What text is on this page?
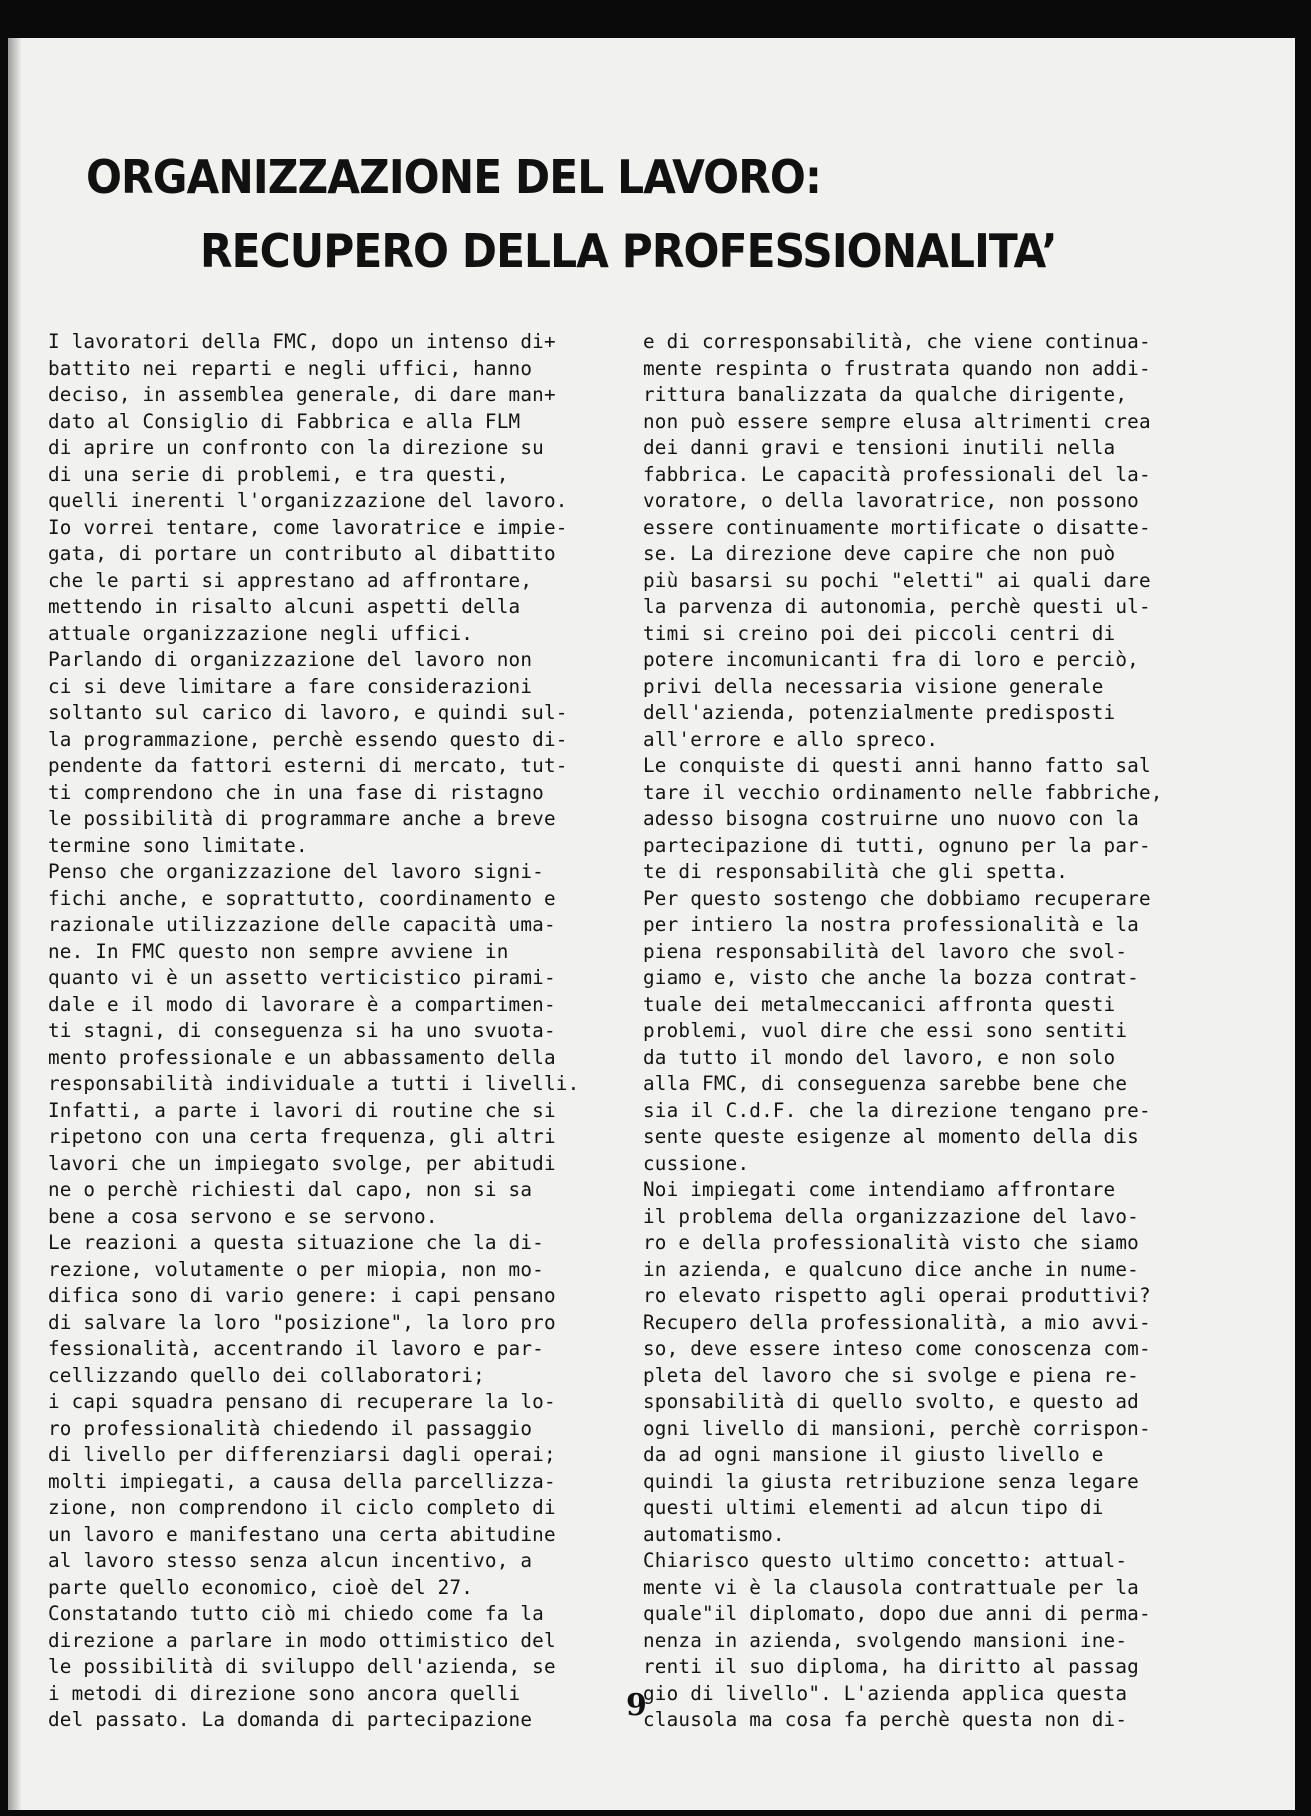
ORGANIZZAZIONE DEL LAVORO:
RECUPERO DELLA PROFESSIONALITA’
I lavoratori della FMC, dopo un intenso di+
battito nei reparti e negli uffici, hanno
deciso, in assemblea generale, di dare man+
dato al Consiglio di Fabbrica e alla FLM
di aprire un confronto con la direzione su
di una serie di problemi, e tra questi,
quelli inerenti l'organizzazione del lavoro.
Io vorrei tentare, come lavoratrice e impie-
gata, di portare un contributo al dibattito
che le parti si apprestano ad affrontare,
mettendo in risalto alcuni aspetti della
attuale organizzazione negli uffici.
Parlando di organizzazione del lavoro non
ci si deve limitare a fare considerazioni
soltanto sul carico di lavoro, e quindi sul-
la programmazione, perchè essendo questo di-
pendente da fattori esterni di mercato, tut-
ti comprendono che in una fase di ristagno
le possibilità di programmare anche a breve
termine sono limitate.
Penso che organizzazione del lavoro signi-
fichi anche, e soprattutto, coordinamento e
razionale utilizzazione delle capacità uma-
ne. In FMC questo non sempre avviene in
quanto vi è un assetto verticistico pirami-
dale e il modo di lavorare è a compartimen-
ti stagni, di conseguenza si ha uno svuota-
mento professionale e un abbassamento della
responsabilità individuale a tutti i livelli.
Infatti, a parte i lavori di routine che si
ripetono con una certa frequenza, gli altri
lavori che un impiegato svolge, per abitudi
ne o perchè richiesti dal capo, non si sa
bene a cosa servono e se servono.
Le reazioni a questa situazione che la di-
rezione, volutamente o per miopia, non mo-
difica sono di vario genere: i capi pensano
di salvare la loro "posizione", la loro pro
fessionalità, accentrando il lavoro e par-
cellizzando quello dei collaboratori;
i capi squadra pensano di recuperare la lo-
ro professionalità chiedendo il passaggio
di livello per differenziarsi dagli operai;
molti impiegati, a causa della parcellizza-
zione, non comprendono il ciclo completo di
un lavoro e manifestano una certa abitudine
al lavoro stesso senza alcun incentivo, a
parte quello economico, cioè del 27.
Constatando tutto ciò mi chiedo come fa la
direzione a parlare in modo ottimistico del
le possibilità di sviluppo dell'azienda, se
i metodi di direzione sono ancora quelli
del passato. La domanda di partecipazione
e di corresponsabilità, che viene continua-
mente respinta o frustrata quando non addi-
rittura banalizzata da qualche dirigente,
non può essere sempre elusa altrimenti crea
dei danni gravi e tensioni inutili nella
fabbrica. Le capacità professionali del la-
voratore, o della lavoratrice, non possono
essere continuamente mortificate o disatte-
se. La direzione deve capire che non può
più basarsi su pochi "eletti" ai quali dare
la parvenza di autonomia, perchè questi ul-
timi si creino poi dei piccoli centri di
potere incomunicanti fra di loro e perciò,
privi della necessaria visione generale
dell'azienda, potenzialmente predisposti
all'errore e allo spreco.
Le conquiste di questi anni hanno fatto sal
tare il vecchio ordinamento nelle fabbriche,
adesso bisogna costruirne uno nuovo con la
partecipazione di tutti, ognuno per la par-
te di responsabilità che gli spetta.
Per questo sostengo che dobbiamo recuperare
per intiero la nostra professionalità e la
piena responsabilità del lavoro che svol-
giamo e, visto che anche la bozza contrat-
tuale dei metalmeccanici affronta questi
problemi, vuol dire che essi sono sentiti
da tutto il mondo del lavoro, e non solo
alla FMC, di conseguenza sarebbe bene che
sia il C.d.F. che la direzione tengano pre-
sente queste esigenze al momento della dis
cussione.
Noi impiegati come intendiamo affrontare
il problema della organizzazione del lavo-
ro e della professionalità visto che siamo
in azienda, e qualcuno dice anche in nume-
ro elevato rispetto agli operai produttivi?
Recupero della professionalità, a mio avvi-
so, deve essere inteso come conoscenza com-
pleta del lavoro che si svolge e piena re-
sponsabilità di quello svolto, e questo ad
ogni livello di mansioni, perchè corrispon-
da ad ogni mansione il giusto livello e
quindi la giusta retribuzione senza legare
questi ultimi elementi ad alcun tipo di
automatismo.
Chiarisco questo ultimo concetto: attual-
mente vi è la clausola contrattuale per la
quale"il diplomato, dopo due anni di perma-
nenza in azienda, svolgendo mansioni ine-
renti il suo diploma, ha diritto al passag
gio di livello". L'azienda applica questa
clausola ma cosa fa perchè questa non di-
9
